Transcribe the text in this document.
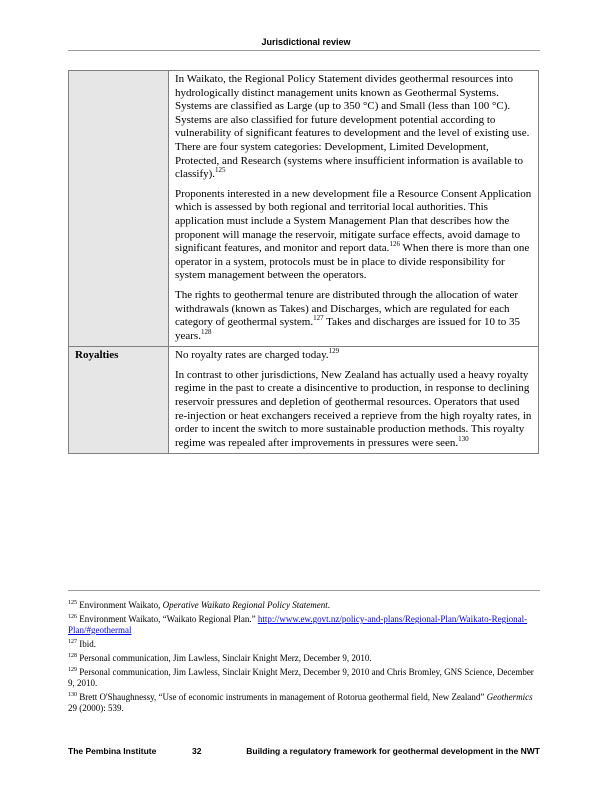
Jurisdictional review

	In Waikato, the Regional Policy Statement divides geothermal resources into hydrologically distinct management units known as Geothermal Systems. Systems are classified as Large (up to 350 °C) and Small (less than 100 °C). Systems are also classified for future development potential according to vulnerability of significant features to development and the level of existing use. There are four system categories: Development, Limited Development, Protected, and Research (systems where insufficient information is available to classify).$^{125}$

Proponents interested in a new development file a Resource Consent Application which is assessed by both regional and territorial local authorities. This application must include a System Management Plan that describes how the proponent will manage the reservoir, mitigate surface effects, avoid damage to significant features, and monitor and report data.$^{126}$ When there is more than one operator in a system, protocols must be in place to divide responsibility for system management between the operators.

The rights to geothermal tenure are distributed through the allocation of water withdrawals (known as Takes) and Discharges, which are regulated for each category of geothermal system.$^{127}$ Takes and discharges are issued for 10 to 35 years.$^{128}$

Royalties	No royalty rates are charged today.$^{129}$

In contrast to other jurisdictions, New Zealand has actually used a heavy royalty regime in the past to create a disincentive to production, in response to declining reservoir pressures and depletion of geothermal resources. Operators that used re-injection or heat exchangers received a reprieve from the high royalty rates, in order to incent the switch to more sustainable production methods. This royalty regime was repealed after improvements in pressures were seen.$^{130}$

$^{125}$ Environment Waikato, Operative Waikato Regional Policy Statement.
$^{126}$ Environment Waikato, “Waikato Regional Plan.” http://www.ew.govt.nz/policy-and-plans/Regional-Plan/Waikato-Regional-Plan/#geothermal
$^{127}$ Ibid.
$^{128}$ Personal communication, Jim Lawless, Sinclair Knight Merz, December 9, 2010.
$^{129}$ Personal communication, Jim Lawless, Sinclair Knight Merz, December 9, 2010 and Chris Bromley, GNS Science, December 9, 2010.
$^{130}$ Brett O'Shaughnessy, “Use of economic instruments in management of Rotorua geothermal field, New Zealand” Geothermics 29 (2000): 539.
The Pembina Institute	32	Building a regulatory framework for geothermal development in the NWT
